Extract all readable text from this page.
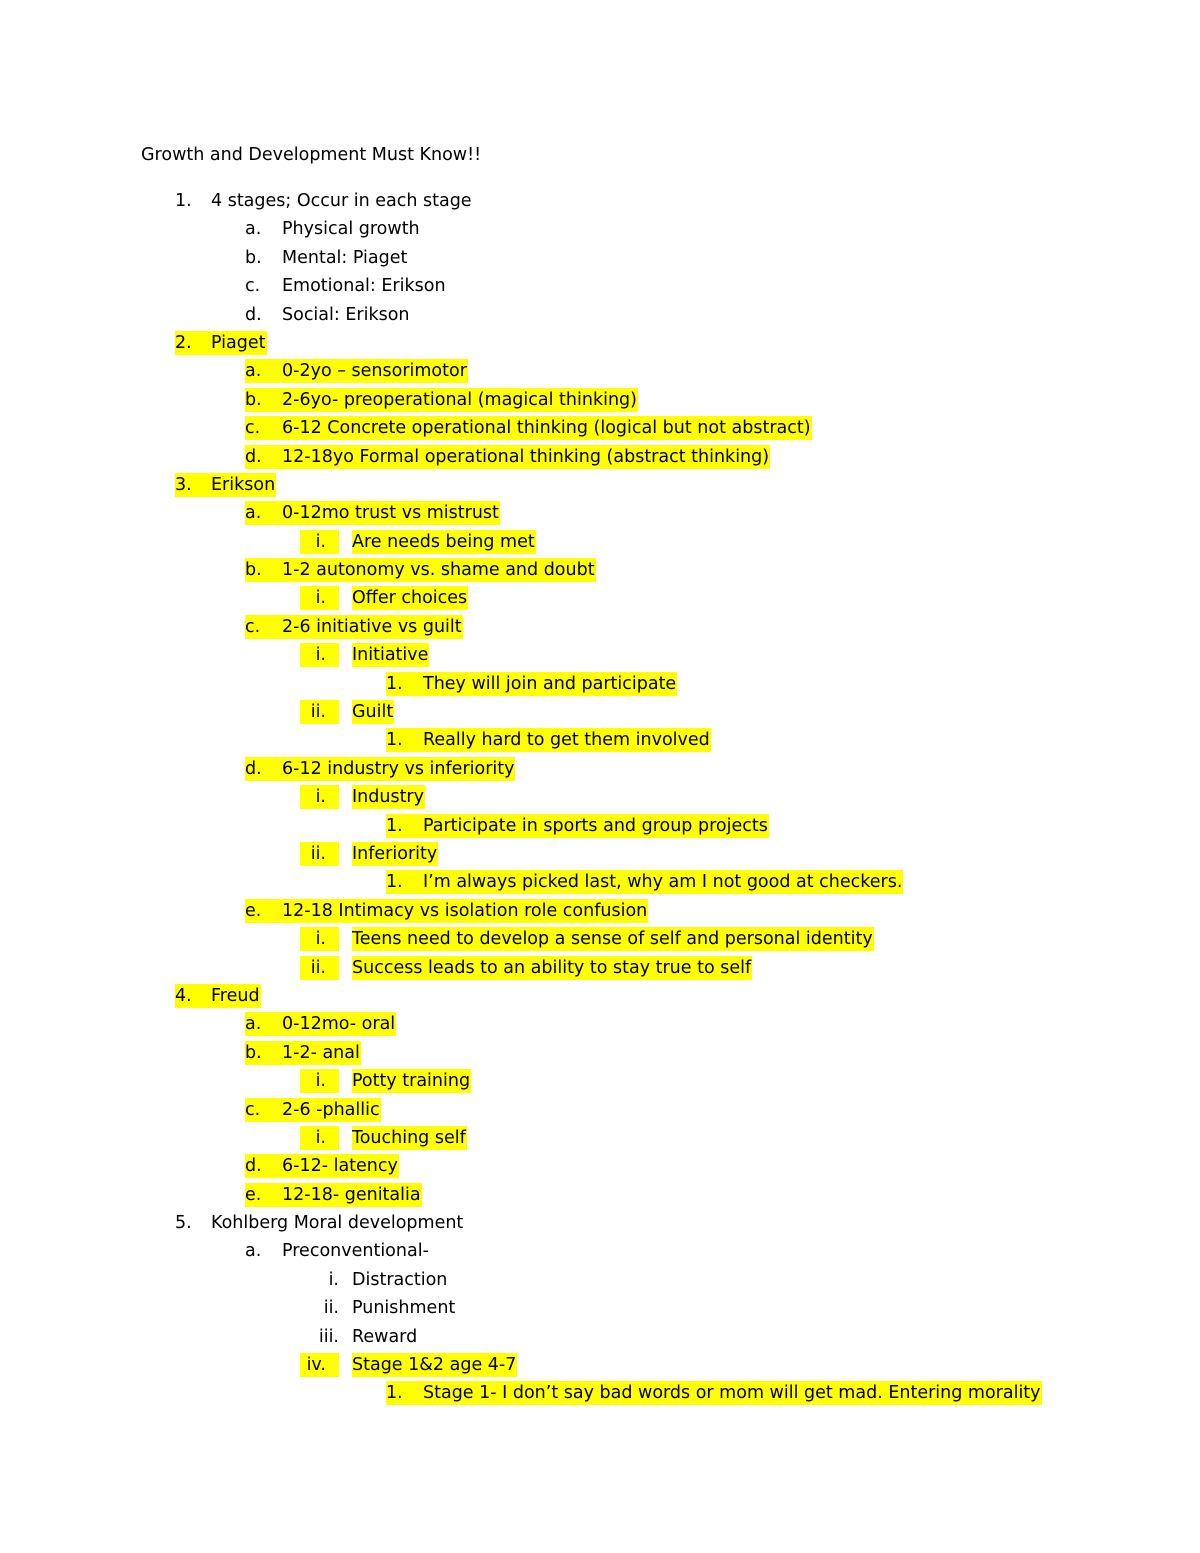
Growth and Development Must Know!!
1.	4 stages; Occur in each stage
a.	Physical growth
b.	Mental: Piaget
c.	Emotional: Erikson
d.	Social: Erikson
2.	Piaget
a.	0-2yo – sensorimotor
b.	2-6yo- preoperational (magical thinking)
c.	6-12 Concrete operational thinking (logical but not abstract)
d.	12-18yo Formal operational thinking (abstract thinking)
3.	Erikson
a.	0-12mo trust vs mistrust
i.	Are needs being met
b.	1-2 autonomy vs. shame and doubt
i.	Offer choices
c.	2-6 initiative vs guilt
i.	Initiative
1.	They will join and participate
ii.	Guilt
1.	Really hard to get them involved
d.	6-12 industry vs inferiority
i.	Industry
1.	Participate in sports and group projects
ii.	Inferiority
1.	I’m always picked last, why am I not good at checkers.
e.	12-18 Intimacy vs isolation role confusion
i.	Teens need to develop a sense of self and personal identity
ii.	Success leads to an ability to stay true to self
4.	Freud
a.	0-12mo- oral
b.	1-2- anal
i.	Potty training
c.	2-6 -phallic
i.	Touching self
d.	6-12- latency
e.	12-18- genitalia
5.	Kohlberg Moral development
a.	Preconventional-
i. Distraction
ii. Punishment
iii. Reward
iv.	Stage 1&2 age 4-7
1.	Stage 1- I don’t say bad words or mom will get mad. Entering morality
